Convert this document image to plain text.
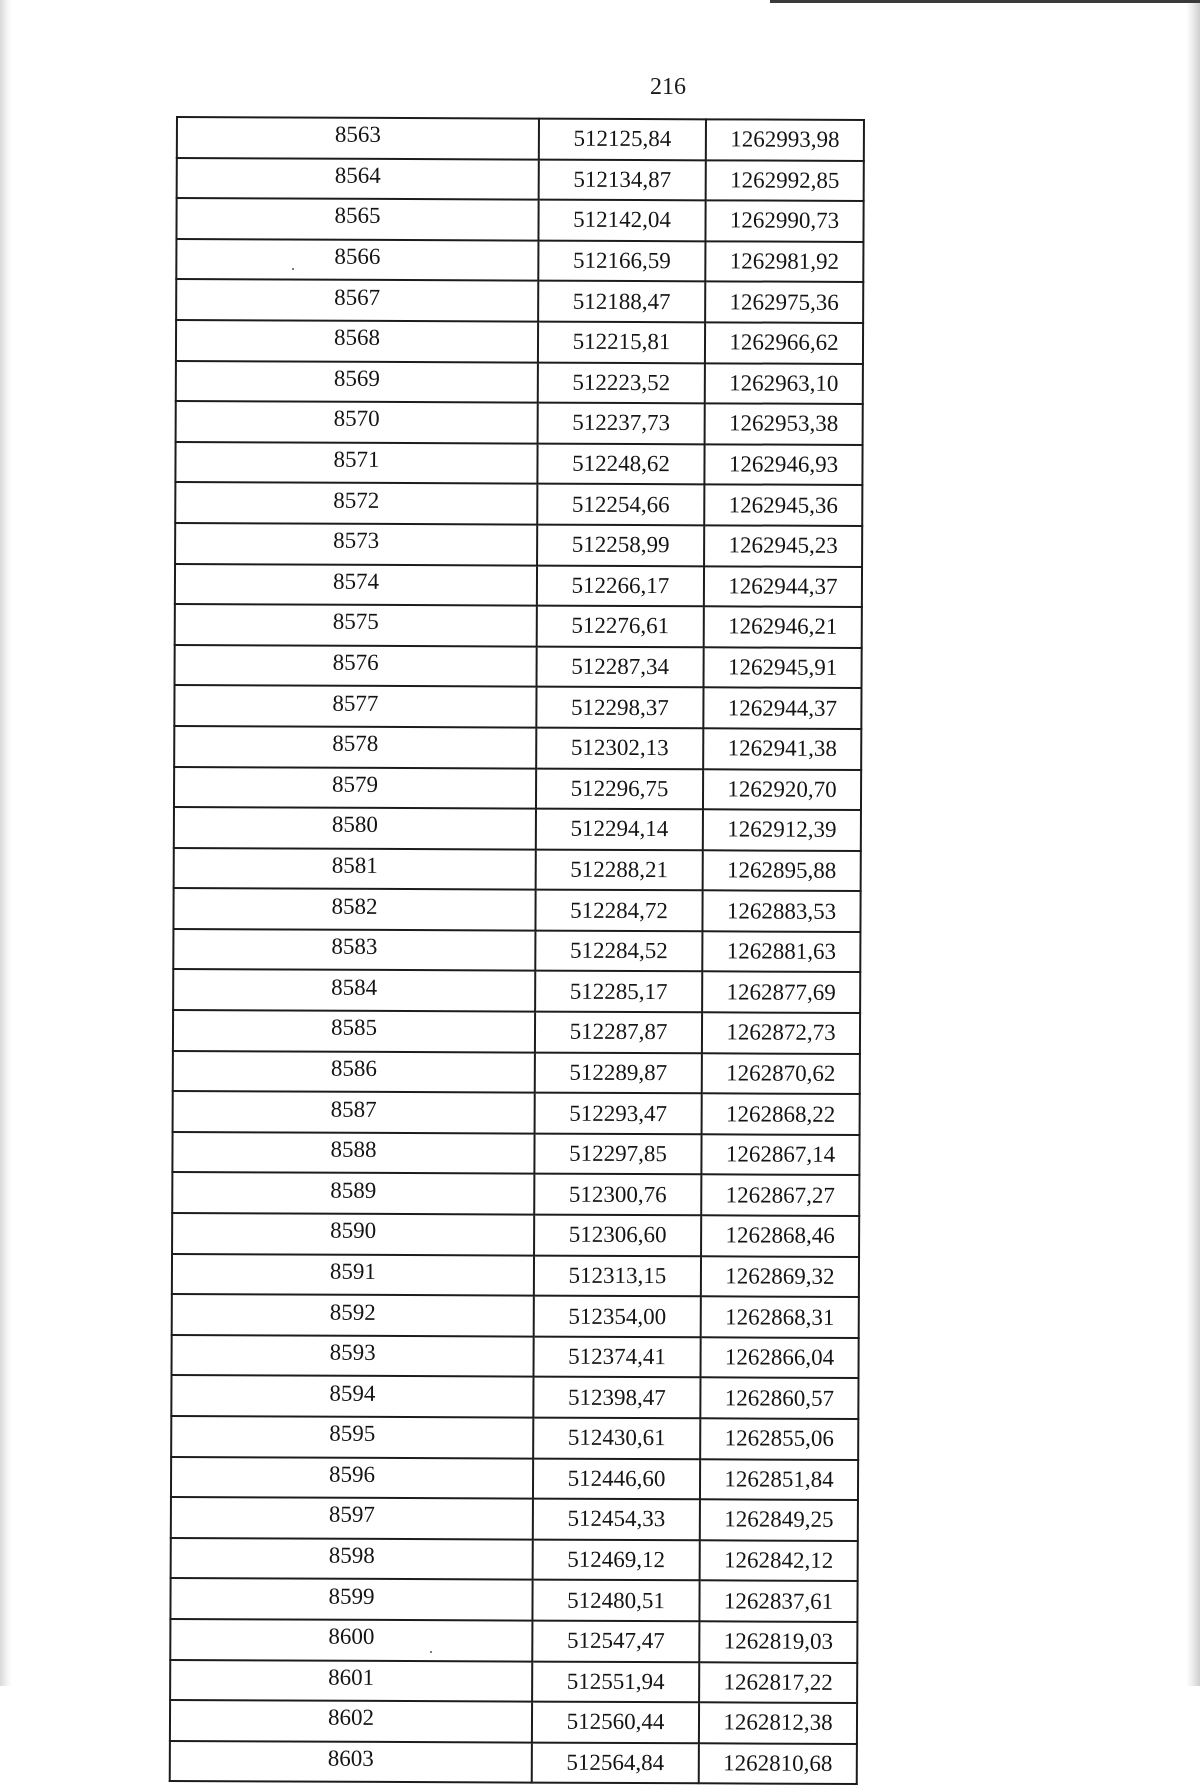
216
8563	512125,84	1262993,98
8564	512134,87	1262992,85
8565	512142,04	1262990,73
8566	512166,59	1262981,92
8567	512188,47	1262975,36
8568	512215,81	1262966,62
8569	512223,52	1262963,10
8570	512237,73	1262953,38
8571	512248,62	1262946,93
8572	512254,66	1262945,36
8573	512258,99	1262945,23
8574	512266,17	1262944,37
8575	512276,61	1262946,21
8576	512287,34	1262945,91
8577	512298,37	1262944,37
8578	512302,13	1262941,38
8579	512296,75	1262920,70
8580	512294,14	1262912,39
8581	512288,21	1262895,88
8582	512284,72	1262883,53
8583	512284,52	1262881,63
8584	512285,17	1262877,69
8585	512287,87	1262872,73
8586	512289,87	1262870,62
8587	512293,47	1262868,22
8588	512297,85	1262867,14
8589	512300,76	1262867,27
8590	512306,60	1262868,46
8591	512313,15	1262869,32
8592	512354,00	1262868,31
8593	512374,41	1262866,04
8594	512398,47	1262860,57
8595	512430,61	1262855,06
8596	512446,60	1262851,84
8597	512454,33	1262849,25
8598	512469,12	1262842,12
8599	512480,51	1262837,61
8600	512547,47	1262819,03
8601	512551,94	1262817,22
8602	512560,44	1262812,38
8603	512564,84	1262810,68
